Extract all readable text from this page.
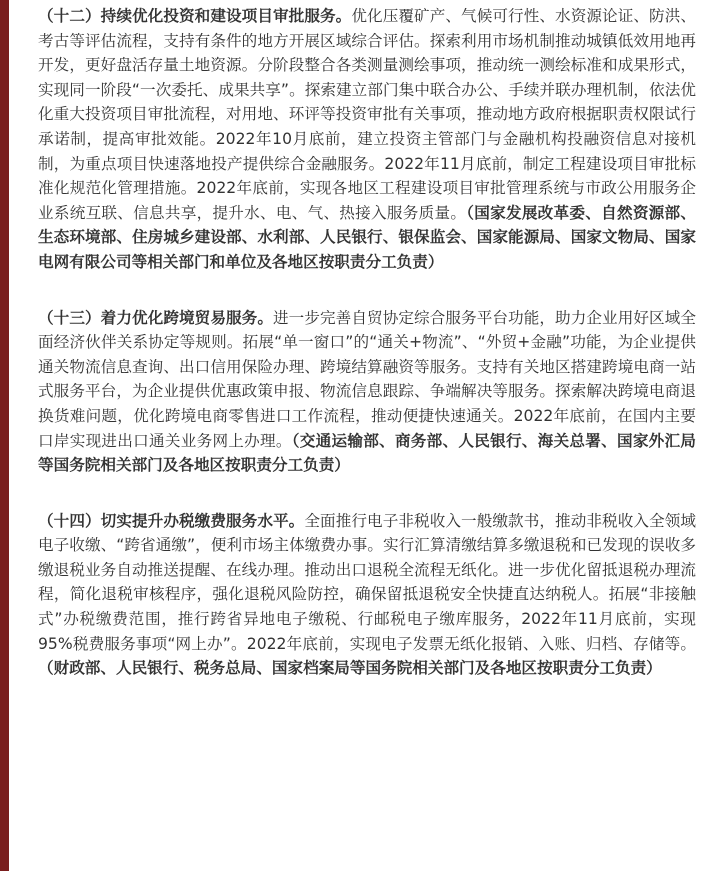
（十二）持续优化投资和建设项目审批服务。优化压覆矿产、气候可行性、水资源论证、防洪、考古等评估流程，支持有条件的地方开展区域综合评估。探索利用市场机制推动城镇低效用地再开发，更好盘活存量土地资源。分阶段整合各类测量测绘事项，推动统一测绘标准和成果形式，实现同一阶段“一次委托、成果共享”。探索建立部门集中联合办公、手续并联办理机制，依法优化重大投资项目审批流程，对用地、环评等投资审批有关事项，推动地方政府根据职责权限试行承诺制，提高审批效能。2022年10月底前，建立投资主管部门与金融机构投融资信息对接机制，为重点项目快速落地投产提供综合金融服务。2022年11月底前，制定工程建设项目审批标准化规范化管理措施。2022年底前，实现各地区工程建设项目审批管理系统与市政公用服务企业系统互联、信息共享，提升水、电、气、热接入服务质量。（国家发展改革委、自然资源部、生态环境部、住房城乡建设部、水利部、人民银行、银保监会、国家能源局、国家文物局、国家电网有限公司等相关部门和单位及各地区按职责分工负责）

（十三）着力优化跨境贸易服务。进一步完善自贸协定综合服务平台功能，助力企业用好区域全面经济伙伴关系协定等规则。拓展“单一窗口”的“通关+物流”、“外贸+金融”功能，为企业提供通关物流信息查询、出口信用保险办理、跨境结算融资等服务。支持有关地区搭建跨境电商一站式服务平台，为企业提供优惠政策申报、物流信息跟踪、争端解决等服务。探索解决跨境电商退换货难问题，优化跨境电商零售进口工作流程，推动便捷快速通关。2022年底前，在国内主要口岸实现进出口通关业务网上办理。（交通运输部、商务部、人民银行、海关总署、国家外汇局等国务院相关部门及各地区按职责分工负责）

（十四）切实提升办税缴费服务水平。全面推行电子非税收入一般缴款书，推动非税收入全领域电子收缴、“跨省通缴”，便利市场主体缴费办事。实行汇算清缴结算多缴退税和已发现的误收多缴退税业务自动推送提醒、在线办理。推动出口退税全流程无纸化。进一步优化留抵退税办理流程，简化退税审核程序，强化退税风险防控，确保留抵退税安全快捷直达纳税人。拓展“非接触式”办税缴费范围，推行跨省异地电子缴税、行邮税电子缴库服务，2022年11月底前，实现95%税费服务事项“网上办”。2022年底前，实现电子发票无纸化报销、入账、归档、存储等。（财政部、人民银行、税务总局、国家档案局等国务院相关部门及各地区按职责分工负责）
